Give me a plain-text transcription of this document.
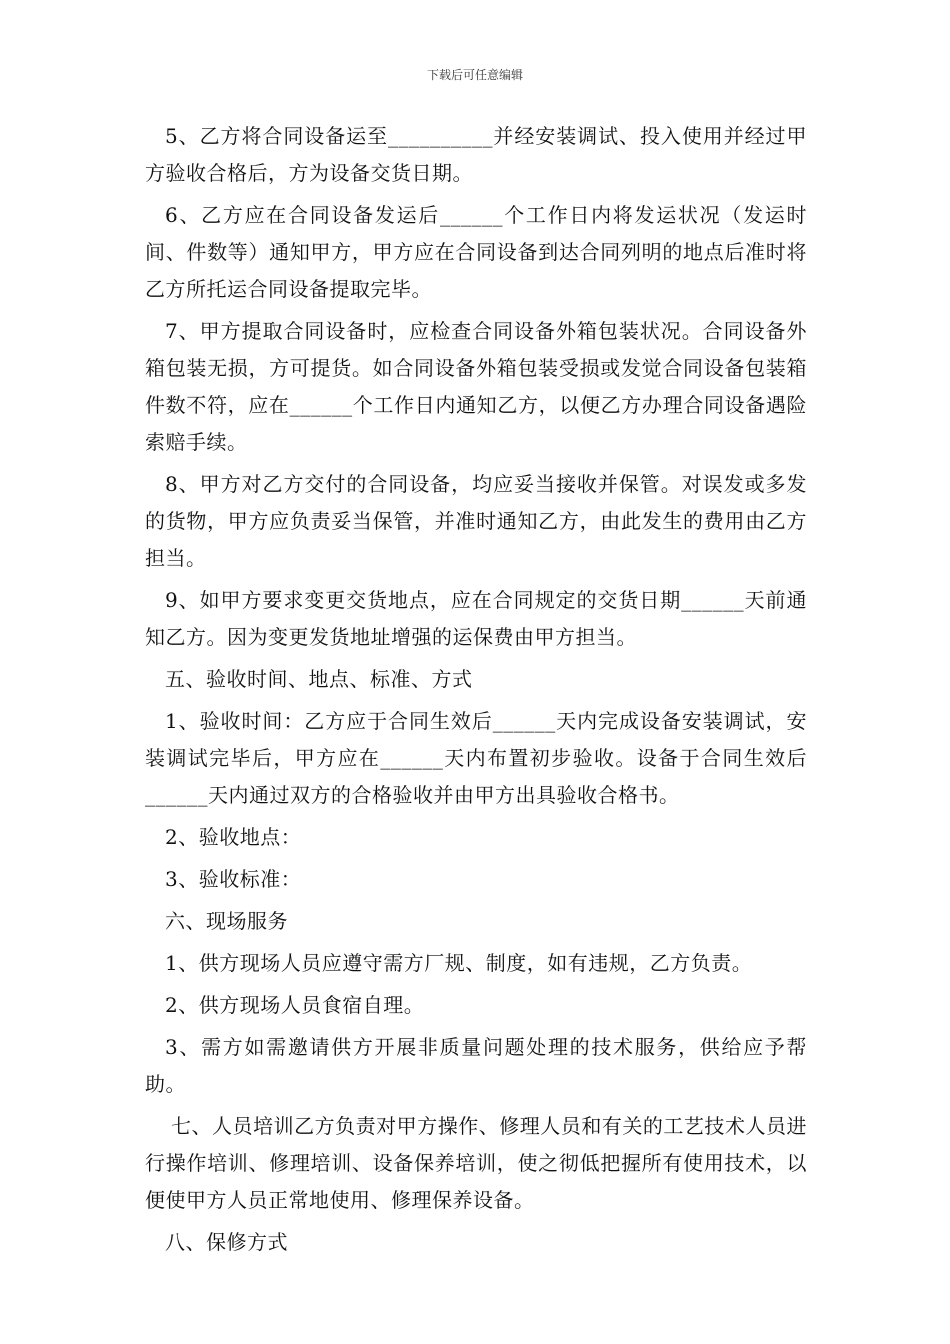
下载后可任意编辑

5、乙方将合同设备运至__________并经安装调试、投入使用并经过甲方验收合格后，方为设备交货日期。

6、乙方应在合同设备发运后______个工作日内将发运状况（发运时间、件数等）通知甲方，甲方应在合同设备到达合同列明的地点后准时将乙方所托运合同设备提取完毕。

7、甲方提取合同设备时，应检查合同设备外箱包装状况。合同设备外箱包装无损，方可提货。如合同设备外箱包装受损或发觉合同设备包装箱件数不符，应在______个工作日内通知乙方，以便乙方办理合同设备遇险索赔手续。

8、甲方对乙方交付的合同设备，均应妥当接收并保管。对误发或多发的货物，甲方应负责妥当保管，并准时通知乙方，由此发生的费用由乙方担当。

9、如甲方要求变更交货地点，应在合同规定的交货日期______天前通知乙方。因为变更发货地址增强的运保费由甲方担当。

五、验收时间、地点、标准、方式

1、验收时间：乙方应于合同生效后______天内完成设备安装调试，安装调试完毕后，甲方应在______天内布置初步验收。设备于合同生效后______天内通过双方的合格验收并由甲方出具验收合格书。

2、验收地点：

3、验收标准：

六、现场服务

1、供方现场人员应遵守需方厂规、制度，如有违规，乙方负责。

2、供方现场人员食宿自理。

3、需方如需邀请供方开展非质量问题处理的技术服务，供给应予帮助。

七、人员培训乙方负责对甲方操作、修理人员和有关的工艺技术人员进行操作培训、修理培训、设备保养培训，使之彻低把握所有使用技术，以便使甲方人员正常地使用、修理保养设备。

八、保修方式
